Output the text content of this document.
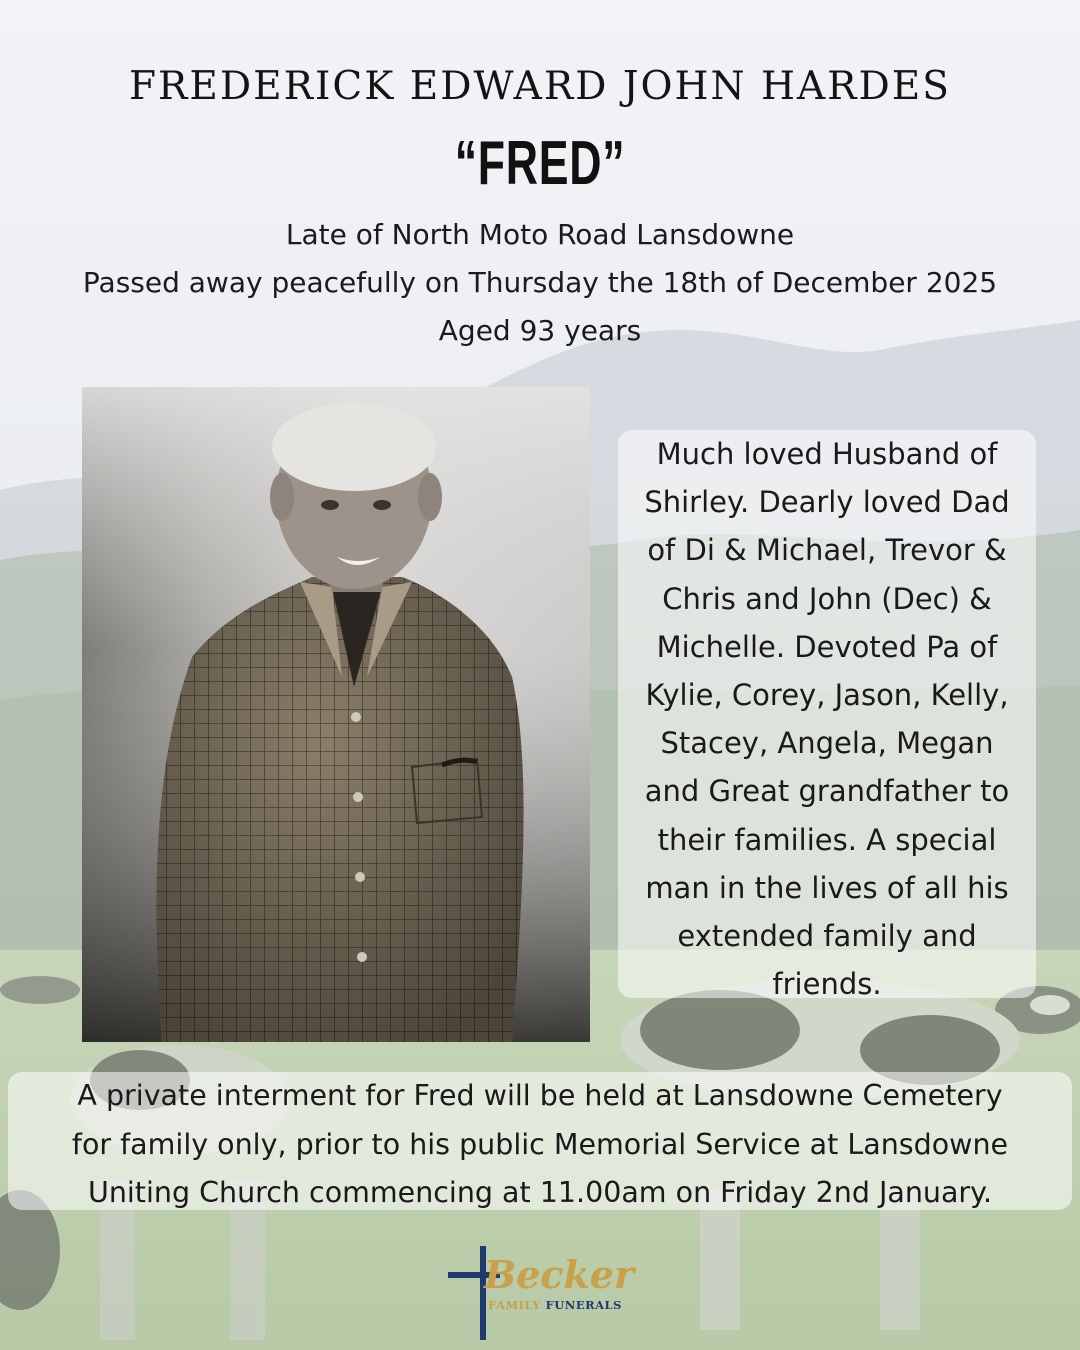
FREDERICK EDWARD JOHN HARDES
“FRED”
Late of North Moto Road Lansdowne
Passed away peacefully on Thursday the 18th of December 2025
Aged 93 years
Much loved Husband of
Shirley. Dearly loved Dad
of Di & Michael, Trevor &
Chris and John (Dec) &
Michelle. Devoted Pa of
Kylie, Corey, Jason, Kelly,
Stacey, Angela, Megan
and Great grandfather to
their families. A special
man in the lives of all his
extended family and
friends.
A private interment for Fred will be held at Lansdowne Cemetery
for family only, prior to his public Memorial Service at Lansdowne
Uniting Church commencing at 11.00am on Friday 2nd January.
Becker
FAMILY FUNERALS
